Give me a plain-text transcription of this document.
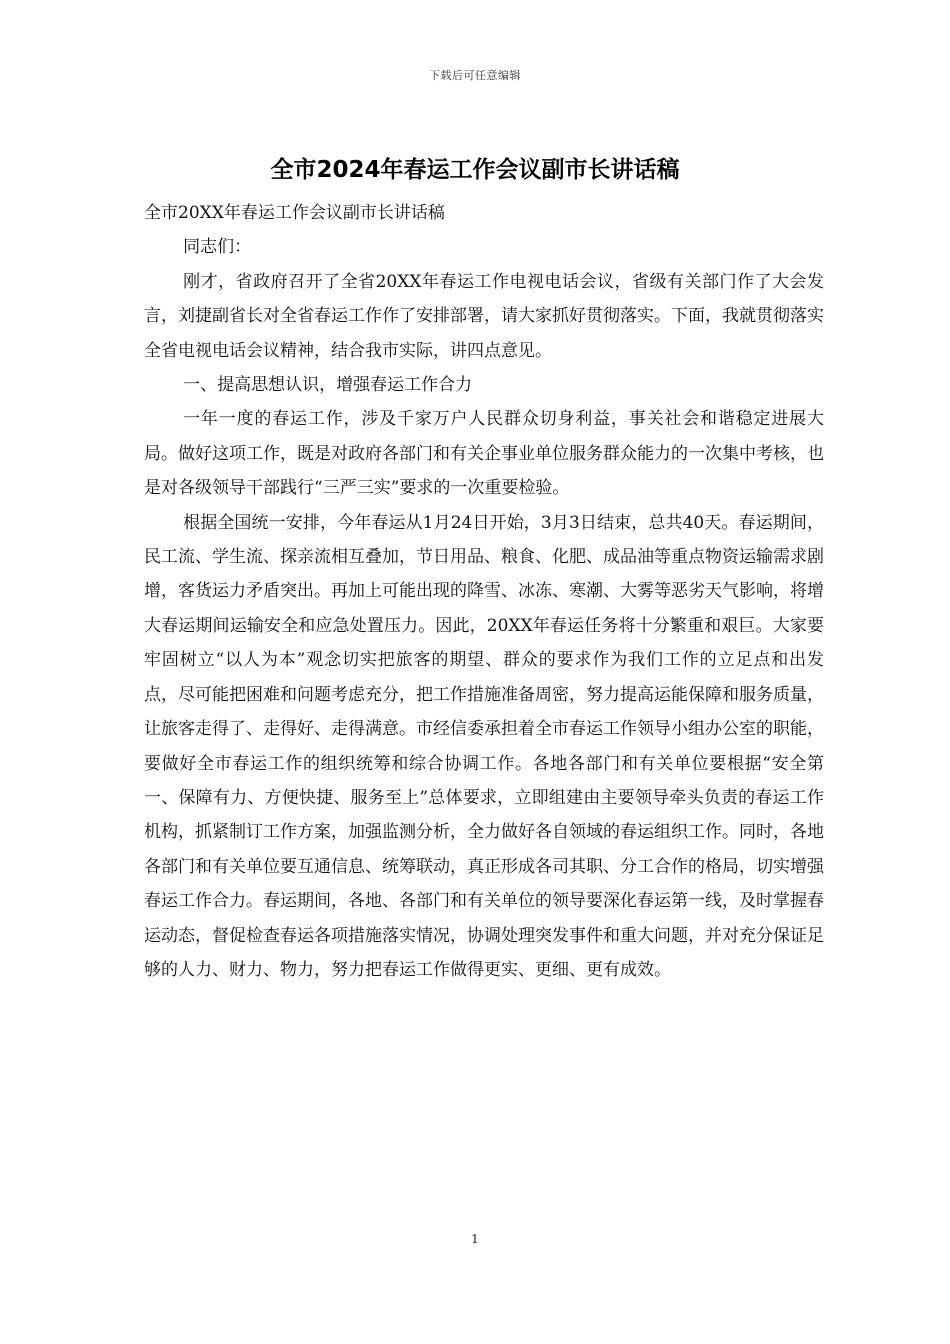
下载后可任意编辑
全市2024年春运工作会议副市长讲话稿

全市20XX年春运工作会议副市长讲话稿

同志们：

刚才，省政府召开了全省20XX年春运工作电视电话会议，省级有关部门作了大会发言，刘捷副省长对全省春运工作作了安排部署，请大家抓好贯彻落实。下面，我就贯彻落实全省电视电话会议精神，结合我市实际，讲四点意见。

一、提高思想认识，增强春运工作合力

一年一度的春运工作，涉及千家万户人民群众切身利益，事关社会和谐稳定进展大局。做好这项工作，既是对政府各部门和有关企事业单位服务群众能力的一次集中考核，也是对各级领导干部践行“三严三实”要求的一次重要检验。

根据全国统一安排，今年春运从1月24日开始，3月3日结束，总共40天。春运期间，民工流、学生流、探亲流相互叠加，节日用品、粮食、化肥、成品油等重点物资运输需求剧增，客货运力矛盾突出。再加上可能出现的降雪、冰冻、寒潮、大雾等恶劣天气影响，将增大春运期间运输安全和应急处置压力。因此，20XX年春运任务将十分繁重和艰巨。大家要牢固树立“以人为本”观念切实把旅客的期望、群众的要求作为我们工作的立足点和出发点，尽可能把困难和问题考虑充分，把工作措施准备周密，努力提高运能保障和服务质量，让旅客走得了、走得好、走得满意。市经信委承担着全市春运工作领导小组办公室的职能，要做好全市春运工作的组织统筹和综合协调工作。各地各部门和有关单位要根据“安全第一、保障有力、方便快捷、服务至上”总体要求，立即组建由主要领导牵头负责的春运工作机构，抓紧制订工作方案，加强监测分析，全力做好各自领域的春运组织工作。同时，各地各部门和有关单位要互通信息、统筹联动，真正形成各司其职、分工合作的格局，切实增强春运工作合力。春运期间，各地、各部门和有关单位的领导要深化春运第一线，及时掌握春运动态，督促检查春运各项措施落实情况，协调处理突发事件和重大问题，并对充分保证足够的人力、财力、物力，努力把春运工作做得更实、更细、更有成效。

1
